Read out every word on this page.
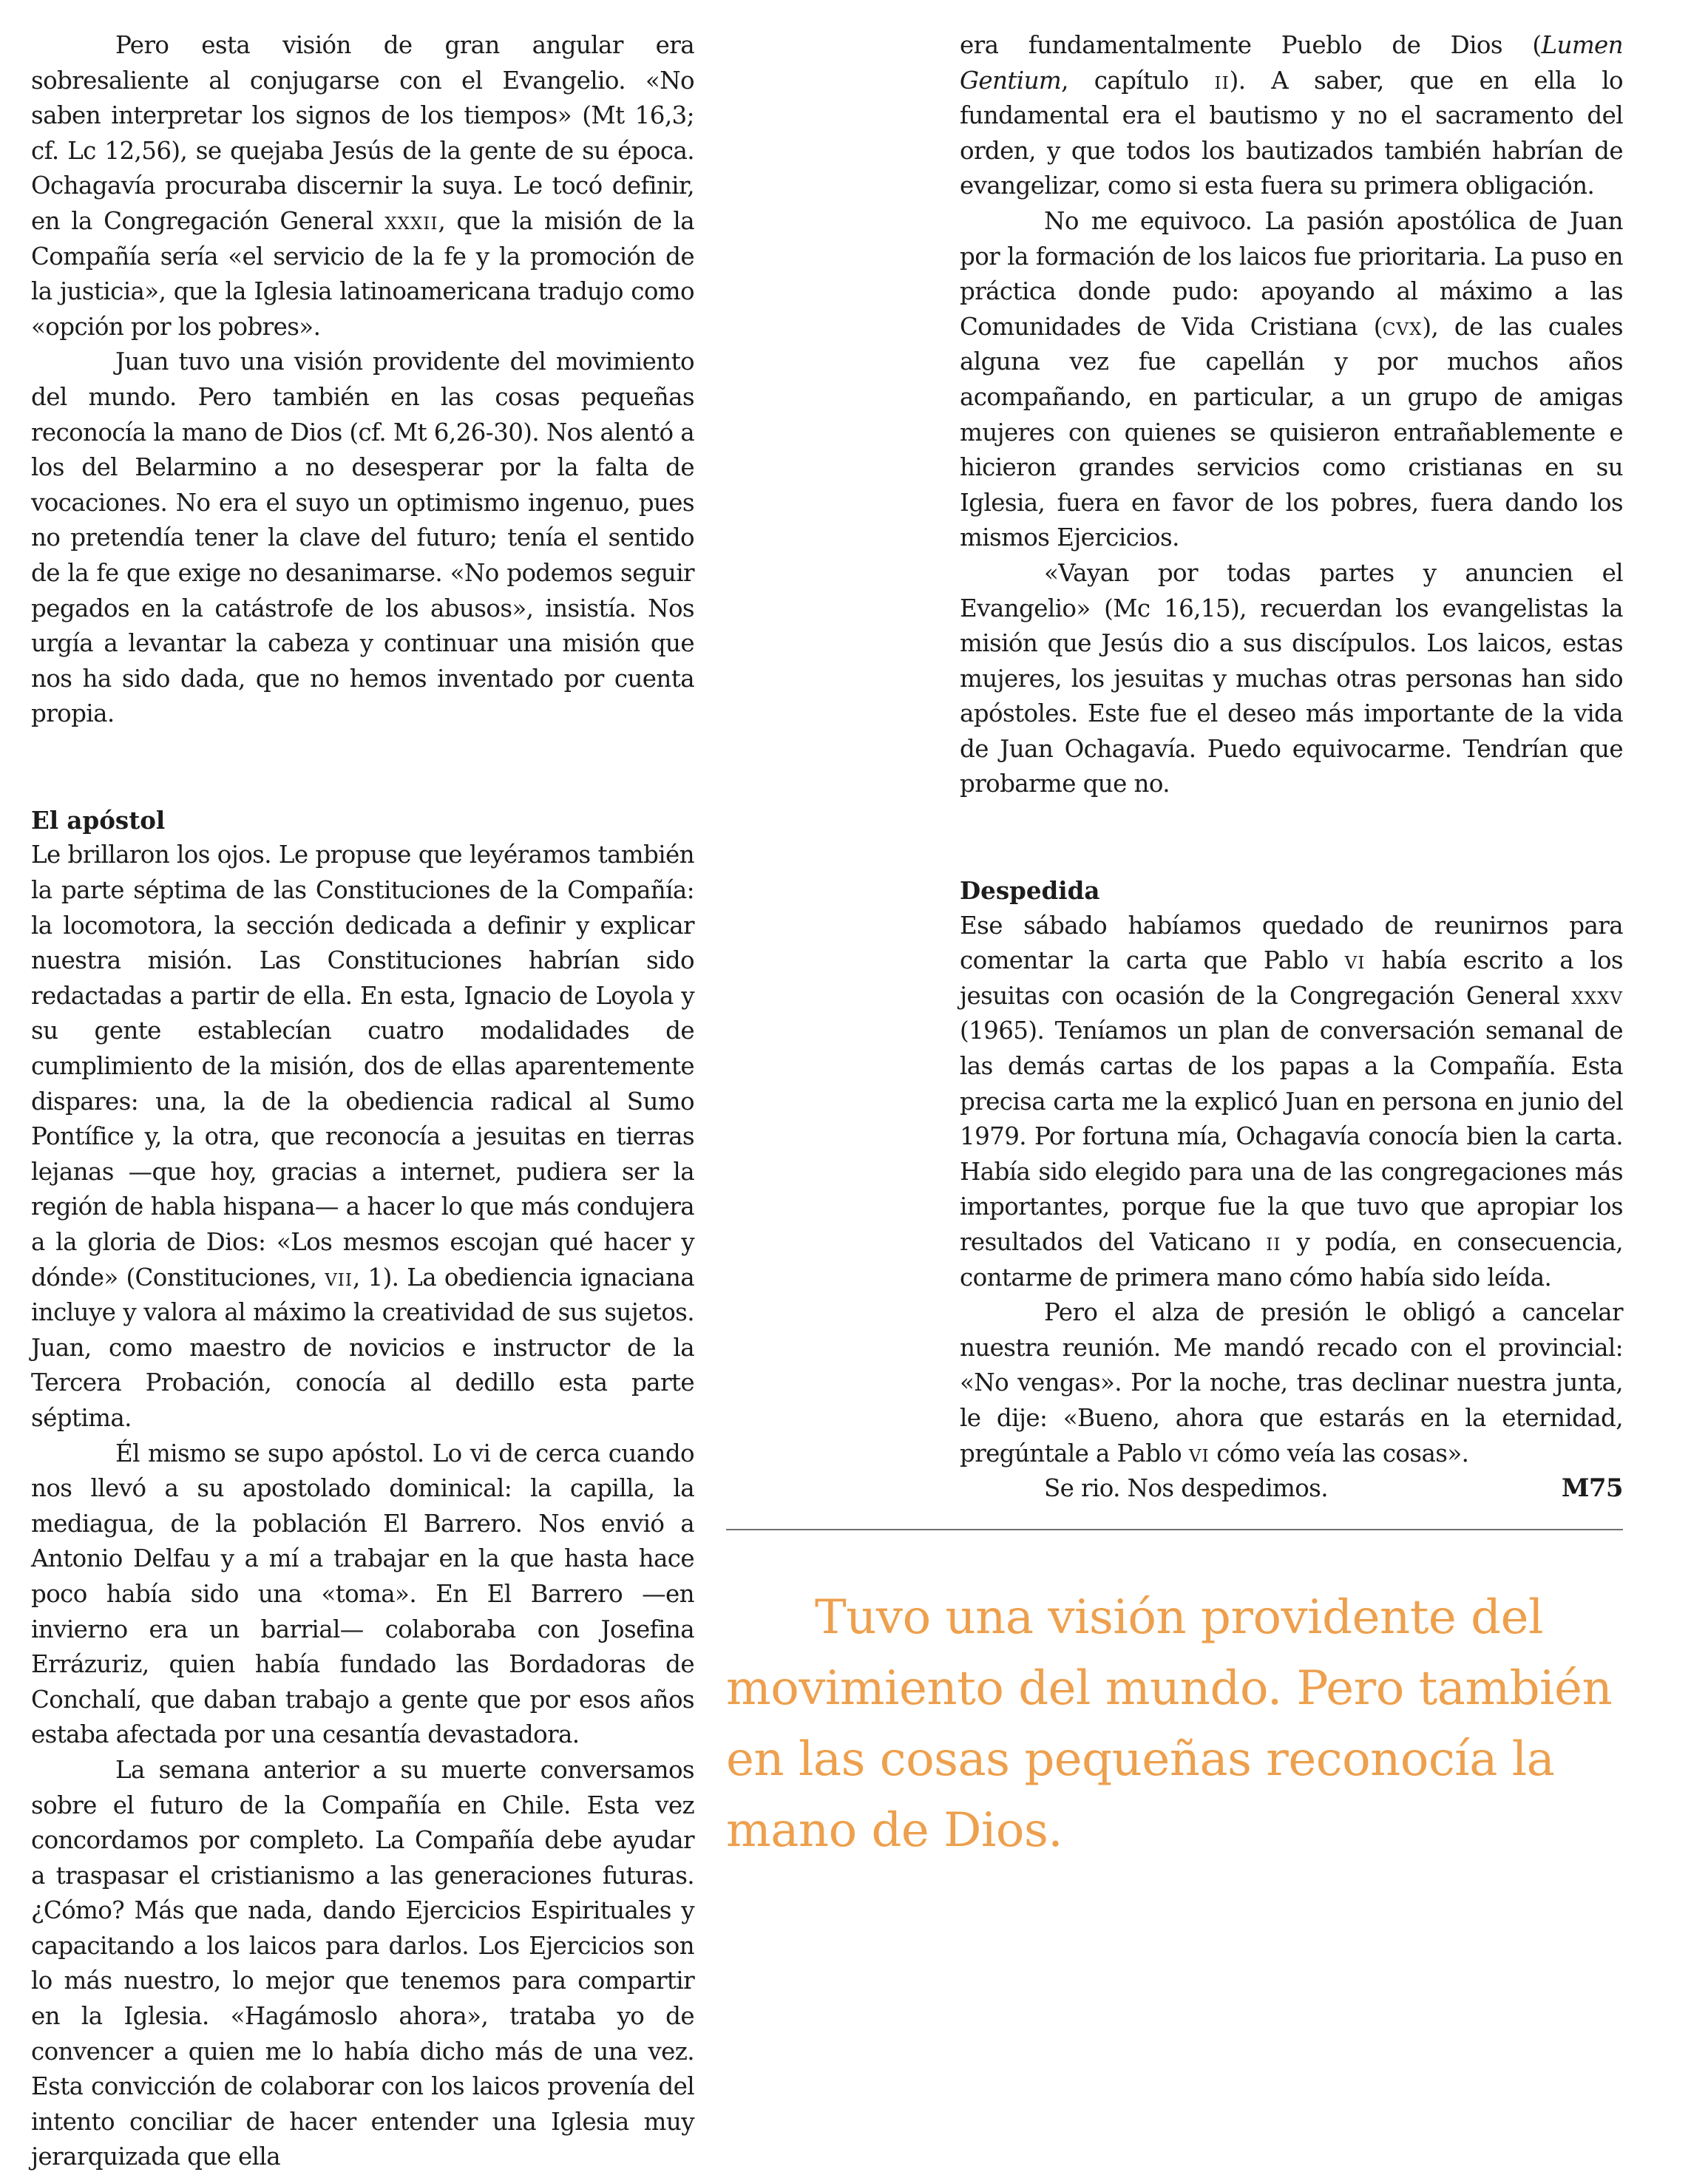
Pero esta visión de gran angular era sobresaliente al conjugarse con el Evangelio. «No saben interpretar los signos de los tiempos» (Mt 16,3; cf. Lc 12,56), se quejaba Jesús de la gente de su época. Ochagavía procuraba discernir la suya. Le tocó definir, en la Congregación General xxxii, que la misión de la Compañía sería «el servicio de la fe y la promoción de la justicia», que la Iglesia latinoamericana tradujo como «opción por los pobres».

Juan tuvo una visión providente del movimiento del mundo. Pero también en las cosas pequeñas reconocía la mano de Dios (cf. Mt 6,26-30). Nos alentó a los del Belarmino a no desesperar por la falta de vocaciones. No era el suyo un optimismo ingenuo, pues no pretendía tener la clave del futuro; tenía el sentido de la fe que exige no desanimarse. «No podemos seguir pegados en la catástrofe de los abusos», insistía. Nos urgía a levantar la cabeza y continuar una misión que nos ha sido dada, que no hemos inventado por cuenta propia.

El apóstol

Le brillaron los ojos. Le propuse que leyéramos también la parte séptima de las Constituciones de la Compañía: la locomotora, la sección dedicada a definir y explicar nuestra misión. Las Constituciones habrían sido redactadas a partir de ella. En esta, Ignacio de Loyola y su gente establecían cuatro modalidades de cumplimiento de la misión, dos de ellas aparentemente dispares: una, la de la obediencia radical al Sumo Pontífice y, la otra, que reconocía a jesuitas en tierras lejanas —que hoy, gracias a internet, pudiera ser la región de habla hispana— a hacer lo que más condujera a la gloria de Dios: «Los mesmos escojan qué hacer y dónde» (Constituciones, vii, 1). La obediencia ignaciana incluye y valora al máximo la creatividad de sus sujetos. Juan, como maestro de novicios e instructor de la Tercera Probación, conocía al dedillo esta parte séptima.

Él mismo se supo apóstol. Lo vi de cerca cuando nos llevó a su apostolado dominical: la capilla, la mediagua, de la población El Barrero. Nos envió a Antonio Delfau y a mí a trabajar en la que hasta hace poco había sido una «toma». En El Barrero —en invierno era un barrial— colaboraba con Josefina Errázuriz, quien había fundado las Bordadoras de Conchalí, que daban trabajo a gente que por esos años estaba afectada por una cesantía devastadora.

La semana anterior a su muerte conversamos sobre el futuro de la Compañía en Chile. Esta vez concordamos por completo. La Compañía debe ayudar a traspasar el cristianismo a las generaciones futuras. ¿Cómo? Más que nada, dando Ejercicios Espirituales y capacitando a los laicos para darlos. Los Ejercicios son lo más nuestro, lo mejor que tenemos para compartir en la Iglesia. «Hagámoslo ahora», trataba yo de convencer a quien me lo había dicho más de una vez. Esta convicción de colaborar con los laicos provenía del intento conciliar de hacer entender una Iglesia muy jerarquizada que ella

era fundamentalmente Pueblo de Dios (Lumen Gentium, capítulo ii). A saber, que en ella lo fundamental era el bautismo y no el sacramento del orden, y que todos los bautizados también habrían de evangelizar, como si esta fuera su primera obligación.

No me equivoco. La pasión apostólica de Juan por la formación de los laicos fue prioritaria. La puso en práctica donde pudo: apoyando al máximo a las Comunidades de Vida Cristiana (cvx), de las cuales alguna vez fue capellán y por muchos años acompañando, en particular, a un grupo de amigas mujeres con quienes se quisieron entrañablemente e hicieron grandes servicios como cristianas en su Iglesia, fuera en favor de los pobres, fuera dando los mismos Ejercicios.

«Vayan por todas partes y anuncien el Evangelio» (Mc 16,15), recuerdan los evangelistas la misión que Jesús dio a sus discípulos. Los laicos, estas mujeres, los jesuitas y muchas otras personas han sido apóstoles. Este fue el deseo más importante de la vida de Juan Ochagavía. Puedo equivocarme. Tendrían que probarme que no.

Despedida

Ese sábado habíamos quedado de reunirnos para comentar la carta que Pablo vi había escrito a los jesuitas con ocasión de la Congregación General xxxv (1965). Teníamos un plan de conversación semanal de las demás cartas de los papas a la Compañía. Esta precisa carta me la explicó Juan en persona en junio del 1979. Por fortuna mía, Ochagavía conocía bien la carta. Había sido elegido para una de las congregaciones más importantes, porque fue la que tuvo que apropiar los resultados del Vaticano ii y podía, en consecuencia, contarme de primera mano cómo había sido leída.

Pero el alza de presión le obligó a cancelar nuestra reunión. Me mandó recado con el provincial: «No vengas». Por la noche, tras declinar nuestra junta, le dije: «Bueno, ahora que estarás en la eternidad, pregúntale a Pablo vi cómo veía las cosas».

Se rio. Nos despedimos.	M75

Tuvo una visión providente del movimiento del mundo. Pero también en las cosas pequeñas reconocía la mano de Dios.
